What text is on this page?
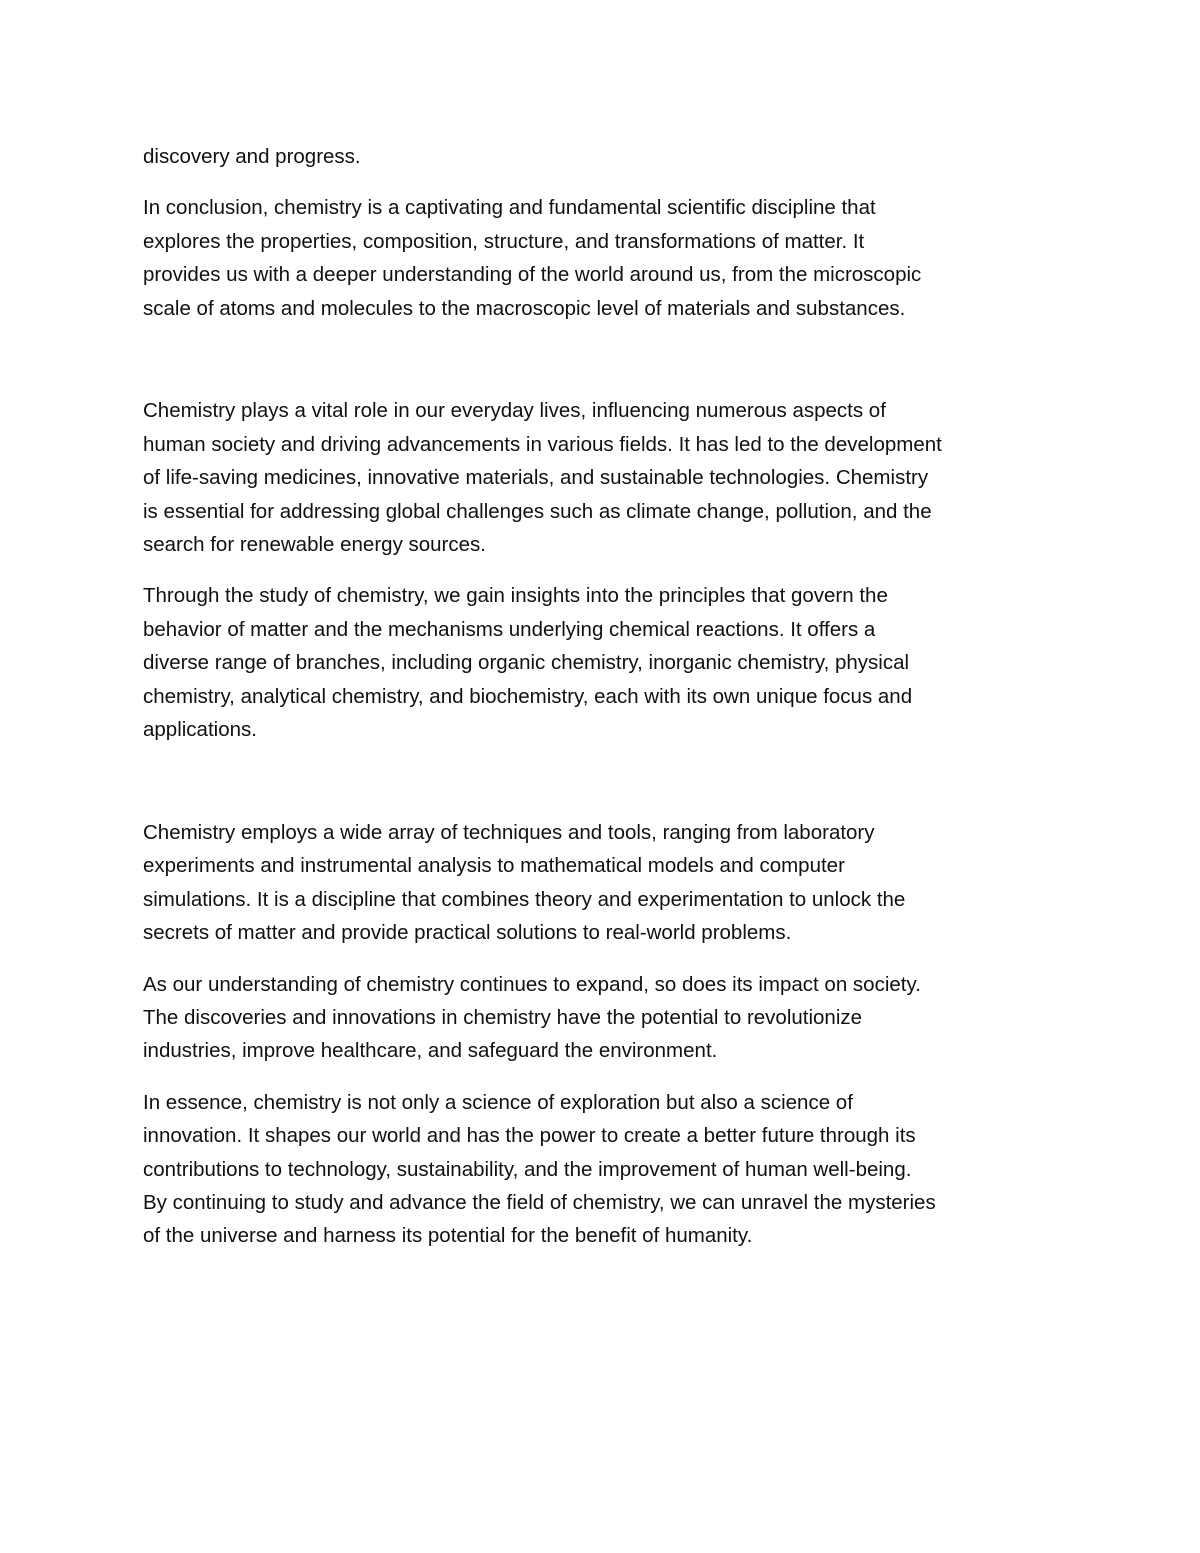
discovery and progress.
In conclusion, chemistry is a captivating and fundamental scientific discipline that
explores the properties, composition, structure, and transformations of matter. It
provides us with a deeper understanding of the world around us, from the microscopic
scale of atoms and molecules to the macroscopic level of materials and substances.
Chemistry plays a vital role in our everyday lives, influencing numerous aspects of
human society and driving advancements in various fields. It has led to the development
of life-saving medicines, innovative materials, and sustainable technologies. Chemistry
is essential for addressing global challenges such as climate change, pollution, and the
search for renewable energy sources.
Through the study of chemistry, we gain insights into the principles that govern the
behavior of matter and the mechanisms underlying chemical reactions. It offers a
diverse range of branches, including organic chemistry, inorganic chemistry, physical
chemistry, analytical chemistry, and biochemistry, each with its own unique focus and
applications.
Chemistry employs a wide array of techniques and tools, ranging from laboratory
experiments and instrumental analysis to mathematical models and computer
simulations. It is a discipline that combines theory and experimentation to unlock the
secrets of matter and provide practical solutions to real-world problems.
As our understanding of chemistry continues to expand, so does its impact on society.
The discoveries and innovations in chemistry have the potential to revolutionize
industries, improve healthcare, and safeguard the environment.
In essence, chemistry is not only a science of exploration but also a science of
innovation. It shapes our world and has the power to create a better future through its
contributions to technology, sustainability, and the improvement of human well-being.
By continuing to study and advance the field of chemistry, we can unravel the mysteries
of the universe and harness its potential for the benefit of humanity.
